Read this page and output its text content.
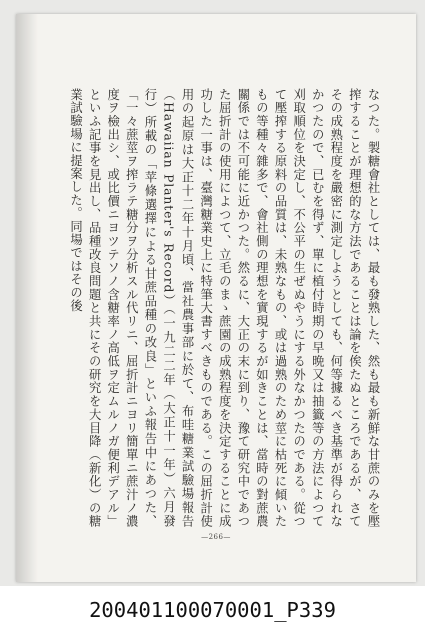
なつた。製糖會社としては、最も發熟した、然も最も新鮮な甘蔗のみを壓搾することが理想的な方法であることは論を俟たぬところであるが、さてその成熟程度を嚴密に測定しようとしても、何等據るべき基準が得られなかつたので、已むを得ず、單に植付時期の早晩又は抽籤等の方法によつて刈取順位を決定し、不公平の生ぜぬやうにする外なかつたのである。從つて壓搾する原料の品質は、未熟なもの、或は過熟のため莖に枯死に傾いたもの等種々雜多で、會社側の理想を實現するが如きことは、當時の對蔗農關係では不可能に近かつた。然るに、大正の末に到り、豫て研究中であつた屈折計の使用によつて、立毛のまゝ蔗園の成熟程度を決定することに成功した一事は、臺灣糖業史上に特筆大書すべきものである。この屈折計使用の起原は大正十二年十月頃、當社農事部に於て、布哇糖業試驗場報告（Hawaiian Planter's Record）（一九二二年（大正十一年）六月發行）所載の「苹條選擇による甘蔗品種の改良」といふ報告中にあつた、「一々蔗莖ヲ搾ラテ糖分ヲ分析スル代リニ、屈折計ニヨリ簡單ニ蔗汁ノ濃度ヲ檢出シ、或比價ニヨツテソノ含糖率ノ高低ヲ定ムルノガ便利デアル」といふ記事を見出し、品種改良問題と共にその研究を大目降（新化）の糖業試驗場に提案した。同場ではその後
—266—
200401100070001_P339
